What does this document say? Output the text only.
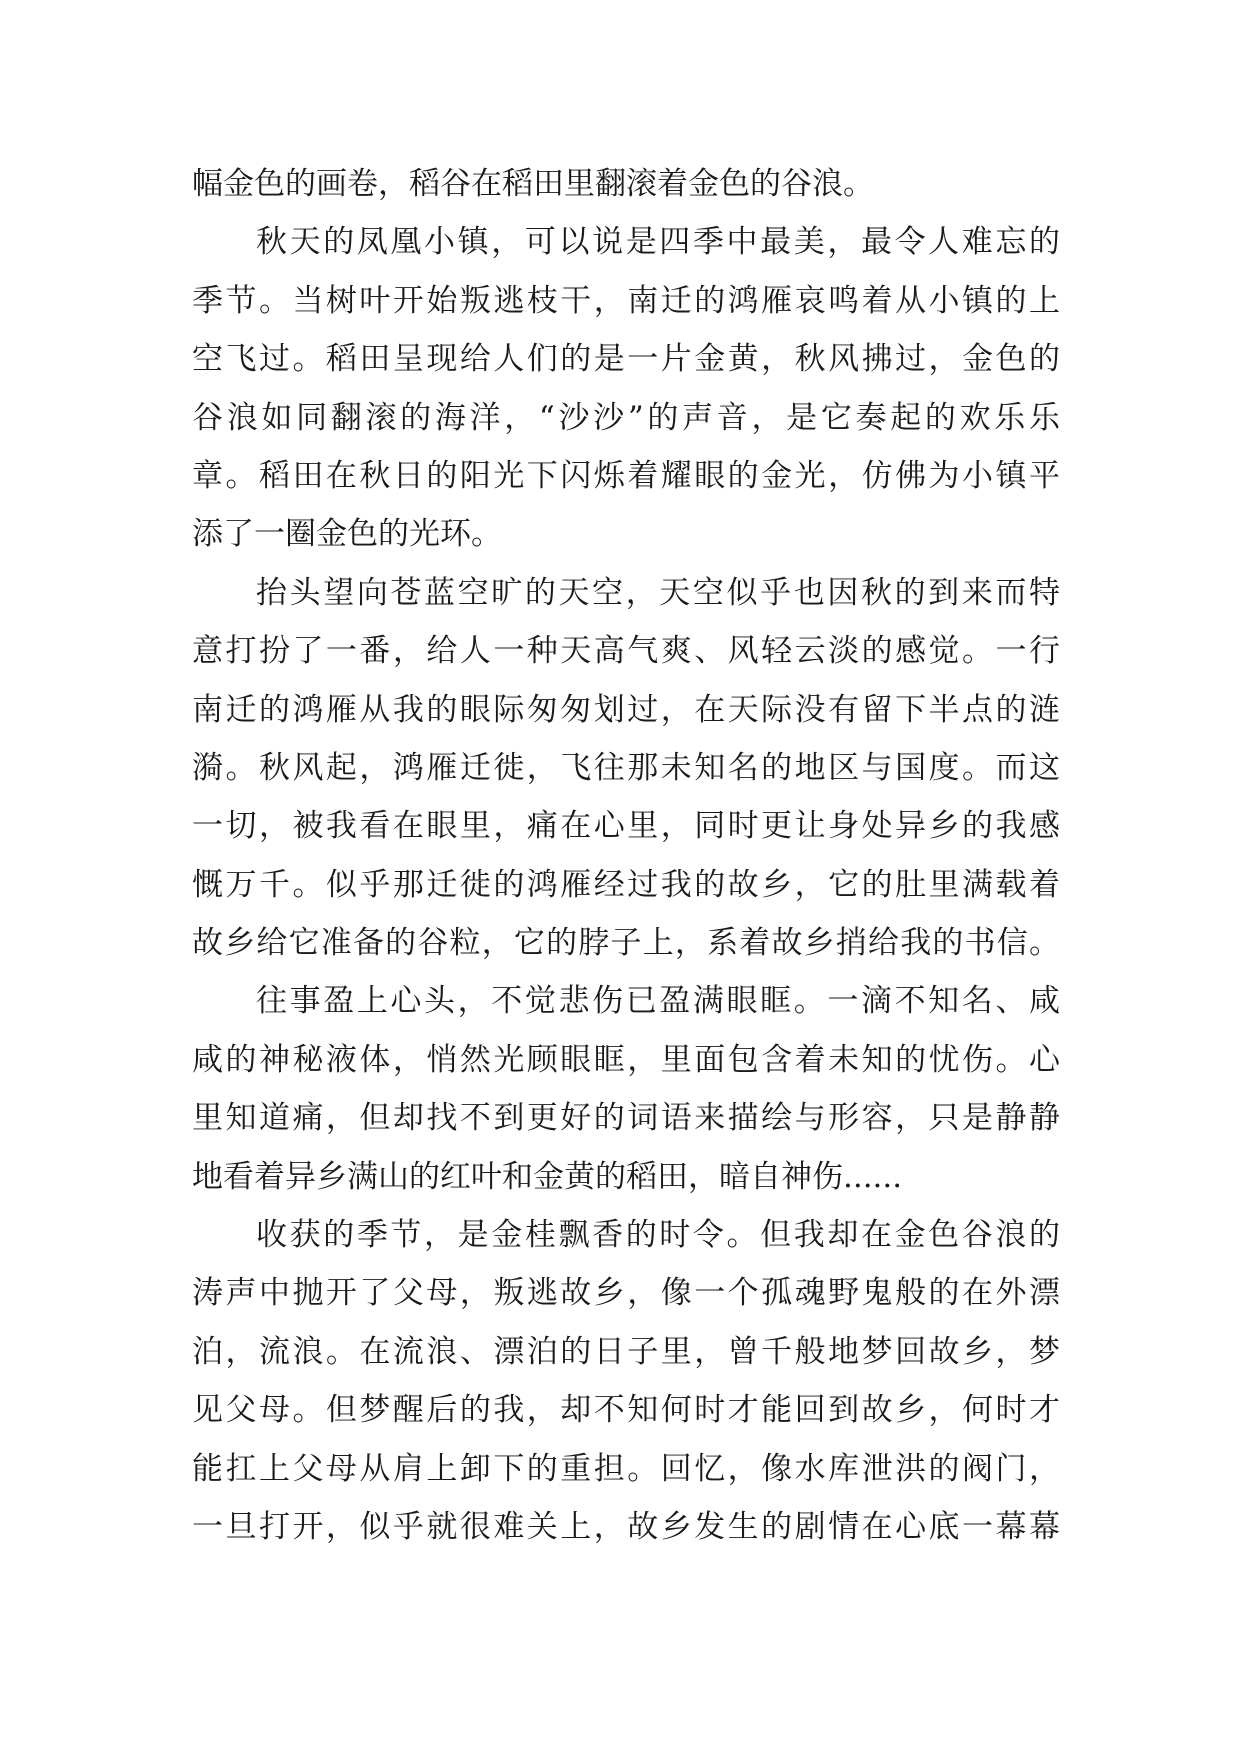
幅金色的画卷，稻谷在稻田里翻滚着金色的谷浪。
秋天的凤凰小镇，可以说是四季中最美，最令人难忘的
季节。当树叶开始叛逃枝干，南迁的鸿雁哀鸣着从小镇的上
空飞过。稻田呈现给人们的是一片金黄，秋风拂过，金色的
谷浪如同翻滚的海洋，“沙沙”的声音，是它奏起的欢乐乐
章。稻田在秋日的阳光下闪烁着耀眼的金光，仿佛为小镇平
添了一圈金色的光环。
抬头望向苍蓝空旷的天空，天空似乎也因秋的到来而特
意打扮了一番，给人一种天高气爽、风轻云淡的感觉。一行
南迁的鸿雁从我的眼际匆匆划过，在天际没有留下半点的涟
漪。秋风起，鸿雁迁徙，飞往那未知名的地区与国度。而这
一切，被我看在眼里，痛在心里，同时更让身处异乡的我感
慨万千。似乎那迁徙的鸿雁经过我的故乡，它的肚里满载着
故乡给它准备的谷粒，它的脖子上，系着故乡捎给我的书信。
往事盈上心头，不觉悲伤已盈满眼眶。一滴不知名、咸
咸的神秘液体，悄然光顾眼眶，里面包含着未知的忧伤。心
里知道痛，但却找不到更好的词语来描绘与形容，只是静静
地看着异乡满山的红叶和金黄的稻田，暗自神伤......
收获的季节，是金桂飘香的时令。但我却在金色谷浪的
涛声中抛开了父母，叛逃故乡，像一个孤魂野鬼般的在外漂
泊，流浪。在流浪、漂泊的日子里，曾千般地梦回故乡，梦
见父母。但梦醒后的我，却不知何时才能回到故乡，何时才
能扛上父母从肩上卸下的重担。回忆，像水库泄洪的阀门，
一旦打开，似乎就很难关上，故乡发生的剧情在心底一幕幕
